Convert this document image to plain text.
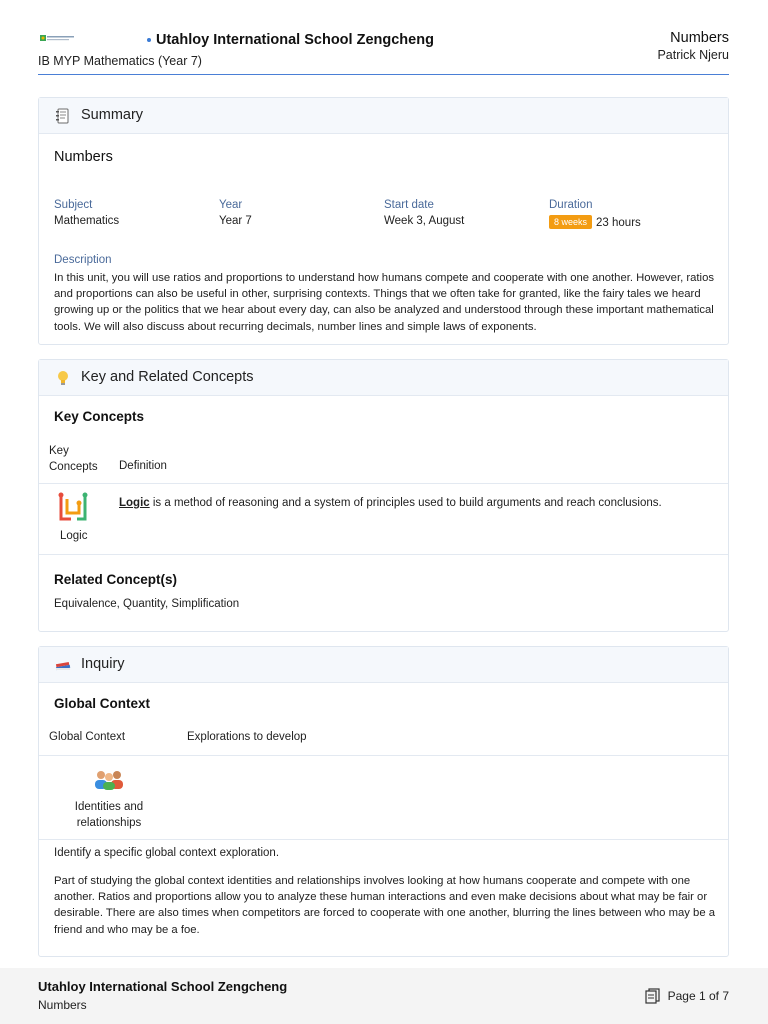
Utahloy International School Zengcheng
IB MYP Mathematics (Year 7)
Numbers
Patrick Njeru
Summary
Numbers
Subject
Mathematics
Year
Year 7
Start date
Week 3, August
Duration
8 weeks 23 hours
Description
In this unit, you will use ratios and proportions to understand how humans compete and cooperate with one another. However, ratios and proportions can also be useful in other, surprising contexts. Things that we often take for granted, like the fairy tales we heard growing up or the politics that we hear about every day, can also be analyzed and understood through these important mathematical tools. We will also discuss about recurring decimals, number lines and simple laws of exponents.
Key and Related Concepts
Key Concepts
Key
Concepts Definition
Logic
Logic is a method of reasoning and a system of principles used to build arguments and reach conclusions.
Related Concept(s)
Equivalence, Quantity, Simplification
Inquiry
Global Context
Global Context	Explorations to develop
Identities and
relationships
Identify a specific global context exploration.
Part of studying the global context identities and relationships involves looking at how humans cooperate and compete with one another. Ratios and proportions allow you to analyze these human interactions and even make decisions about what may be fair or desirable. There are also times when competitors are forced to cooperate with one another, blurring the lines between who may be a friend and who may be a foe.
Utahloy International School Zengcheng
Numbers
Page 1 of 7
